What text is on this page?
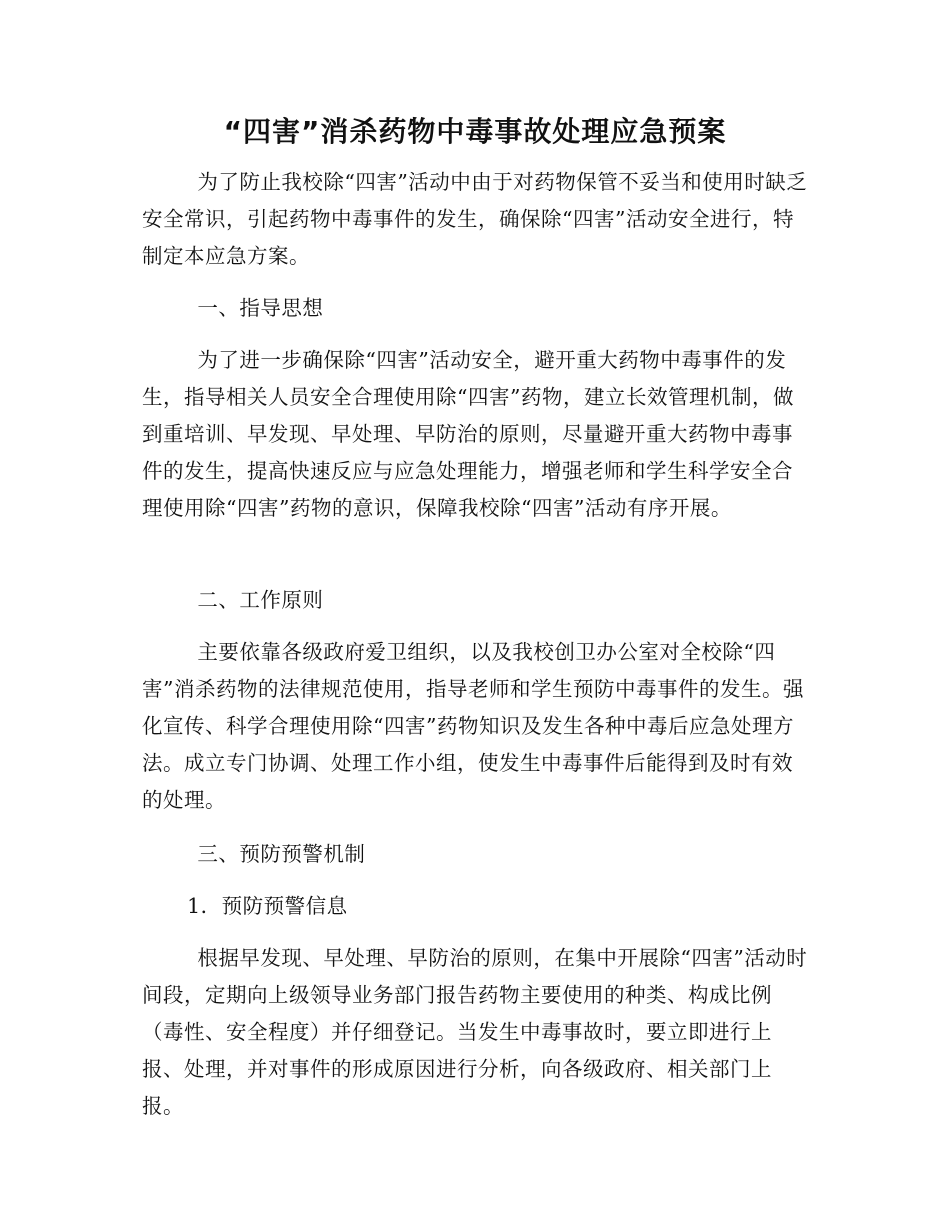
“四害”消杀药物中毒事故处理应急预案

为了防止我校除“四害”活动中由于对药物保管不妥当和使用时缺乏安全常识，引起药物中毒事件的发生，确保除“四害”活动安全进行，特制定本应急方案。

一、指导思想

为了进一步确保除“四害”活动安全，避开重大药物中毒事件的发生，指导相关人员安全合理使用除“四害”药物，建立长效管理机制，做到重培训、早发现、早处理、早防治的原则，尽量避开重大药物中毒事件的发生，提高快速反应与应急处理能力，增强老师和学生科学安全合理使用除“四害”药物的意识，保障我校除“四害”活动有序开展。

二、工作原则

主要依靠各级政府爱卫组织，以及我校创卫办公室对全校除“四害”消杀药物的法律规范使用，指导老师和学生预防中毒事件的发生。强化宣传、科学合理使用除“四害”药物知识及发生各种中毒后应急处理方法。成立专门协调、处理工作小组，使发生中毒事件后能得到及时有效的处理。

三、预防预警机制

1．预防预警信息

根据早发现、早处理、早防治的原则，在集中开展除“四害”活动时间段，定期向上级领导业务部门报告药物主要使用的种类、构成比例（毒性、安全程度）并仔细登记。当发生中毒事故时，要立即进行上报、处理，并对事件的形成原因进行分析，向各级政府、相关部门上报。
